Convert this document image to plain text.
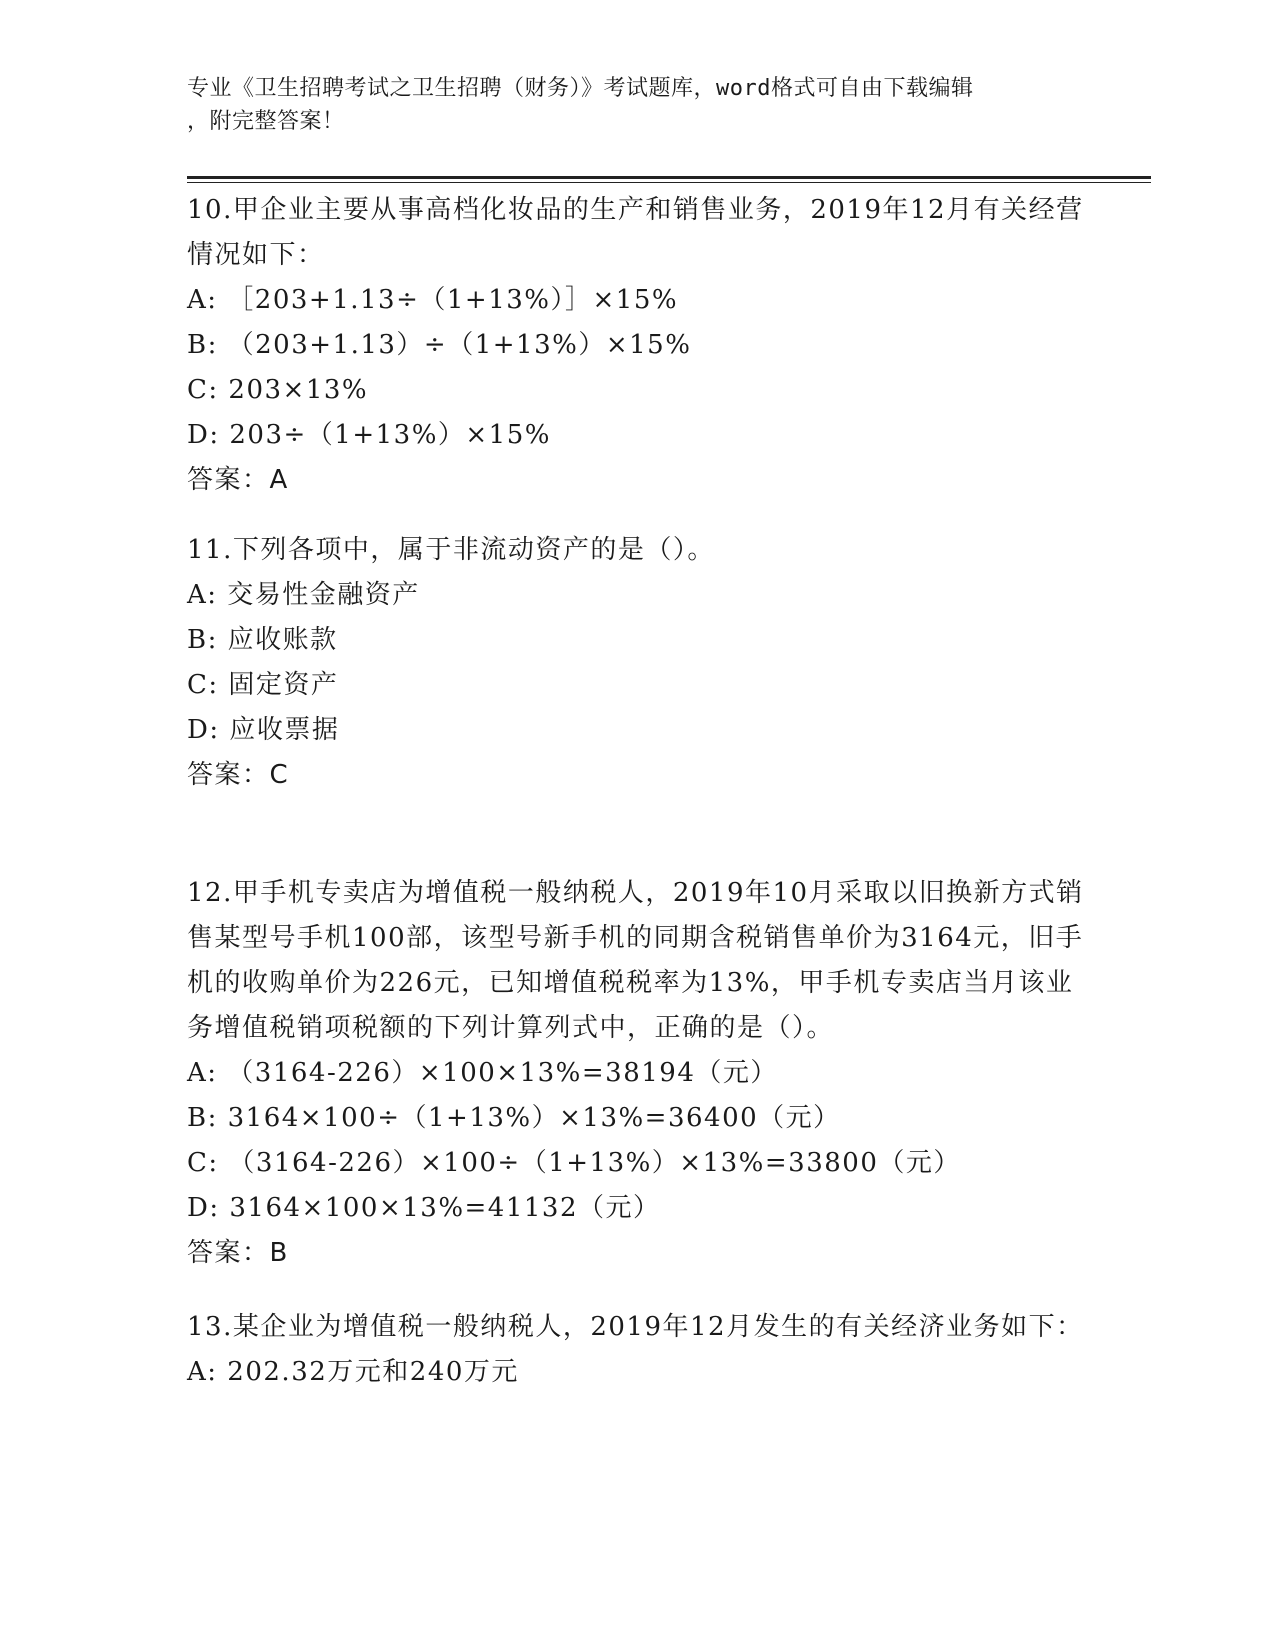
专业《卫生招聘考试之卫生招聘（财务）》考试题库，word格式可自由下载编辑
，附完整答案！

10.甲企业主要从事高档化妆品的生产和销售业务，2019年12月有关经营情况如下：

A: ［203+1.13÷（1+13%）］×15%

B: （203+1.13）÷（1+13%）×15%

C: 203×13%

D: 203÷（1+13%）×15%

答案：A

11.下列各项中，属于非流动资产的是（）。

A: 交易性金融资产

B: 应收账款

C: 固定资产

D: 应收票据

答案：C

12.甲手机专卖店为增值税一般纳税人，2019年10月采取以旧换新方式销售某型号手机100部，该型号新手机的同期含税销售单价为3164元，旧手机的收购单价为226元，已知增值税税率为13%，甲手机专卖店当月该业务增值税销项税额的下列计算列式中，正确的是（）。

A: （3164-226）×100×13%=38194（元）

B: 3164×100÷（1+13%）×13%=36400（元）

C: （3164-226）×100÷（1+13%）×13%=33800（元）

D: 3164×100×13%=41132（元）

答案：B

13.某企业为增值税一般纳税人，2019年12月发生的有关经济业务如下：

A: 202.32万元和240万元
